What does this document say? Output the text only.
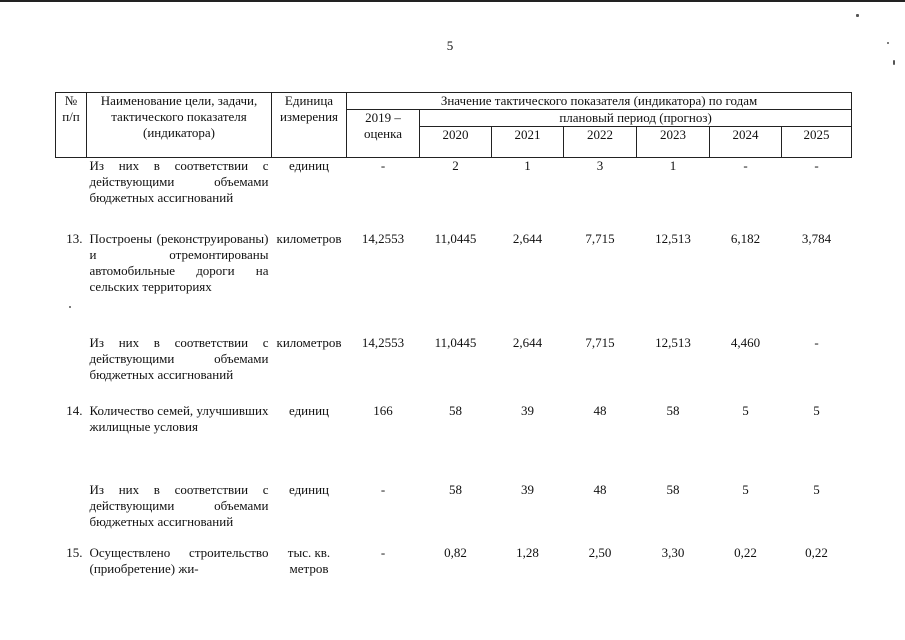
5
№ п/п	Наименование цели, задачи, тактического показателя (индикатора)	Единица измерения	Значение тактического показателя (индикатора) по годам						
			2019 – оценка	плановый период (прогноз)					
				2020	2021	2022	2023	2024	2025
	Из них в соответствии с действующими объемами бюджетных ассигнований	единиц	-	2	1	3	1	-	-
13.	Построены (реконструированы) и отремонтированы автомобильные дороги на сельских территориях	километров	14,2553	11,0445	2,644	7,715	12,513	6,182	3,784
	Из них в соответствии с действующими объемами бюджетных ассигнований	километров	14,2553	11,0445	2,644	7,715	12,513	4,460	-
14.	Количество семей, улучшивших жилищные условия	единиц	166	58	39	48	58	5	5
	Из них в соответствии с действующими объемами бюджетных ассигнований	единиц	-	58	39	48	58	5	5
15.	Осуществлено строительство (приобретение) жи-	тыс. кв. метров	-	0,82	1,28	2,50	3,30	0,22	0,22
